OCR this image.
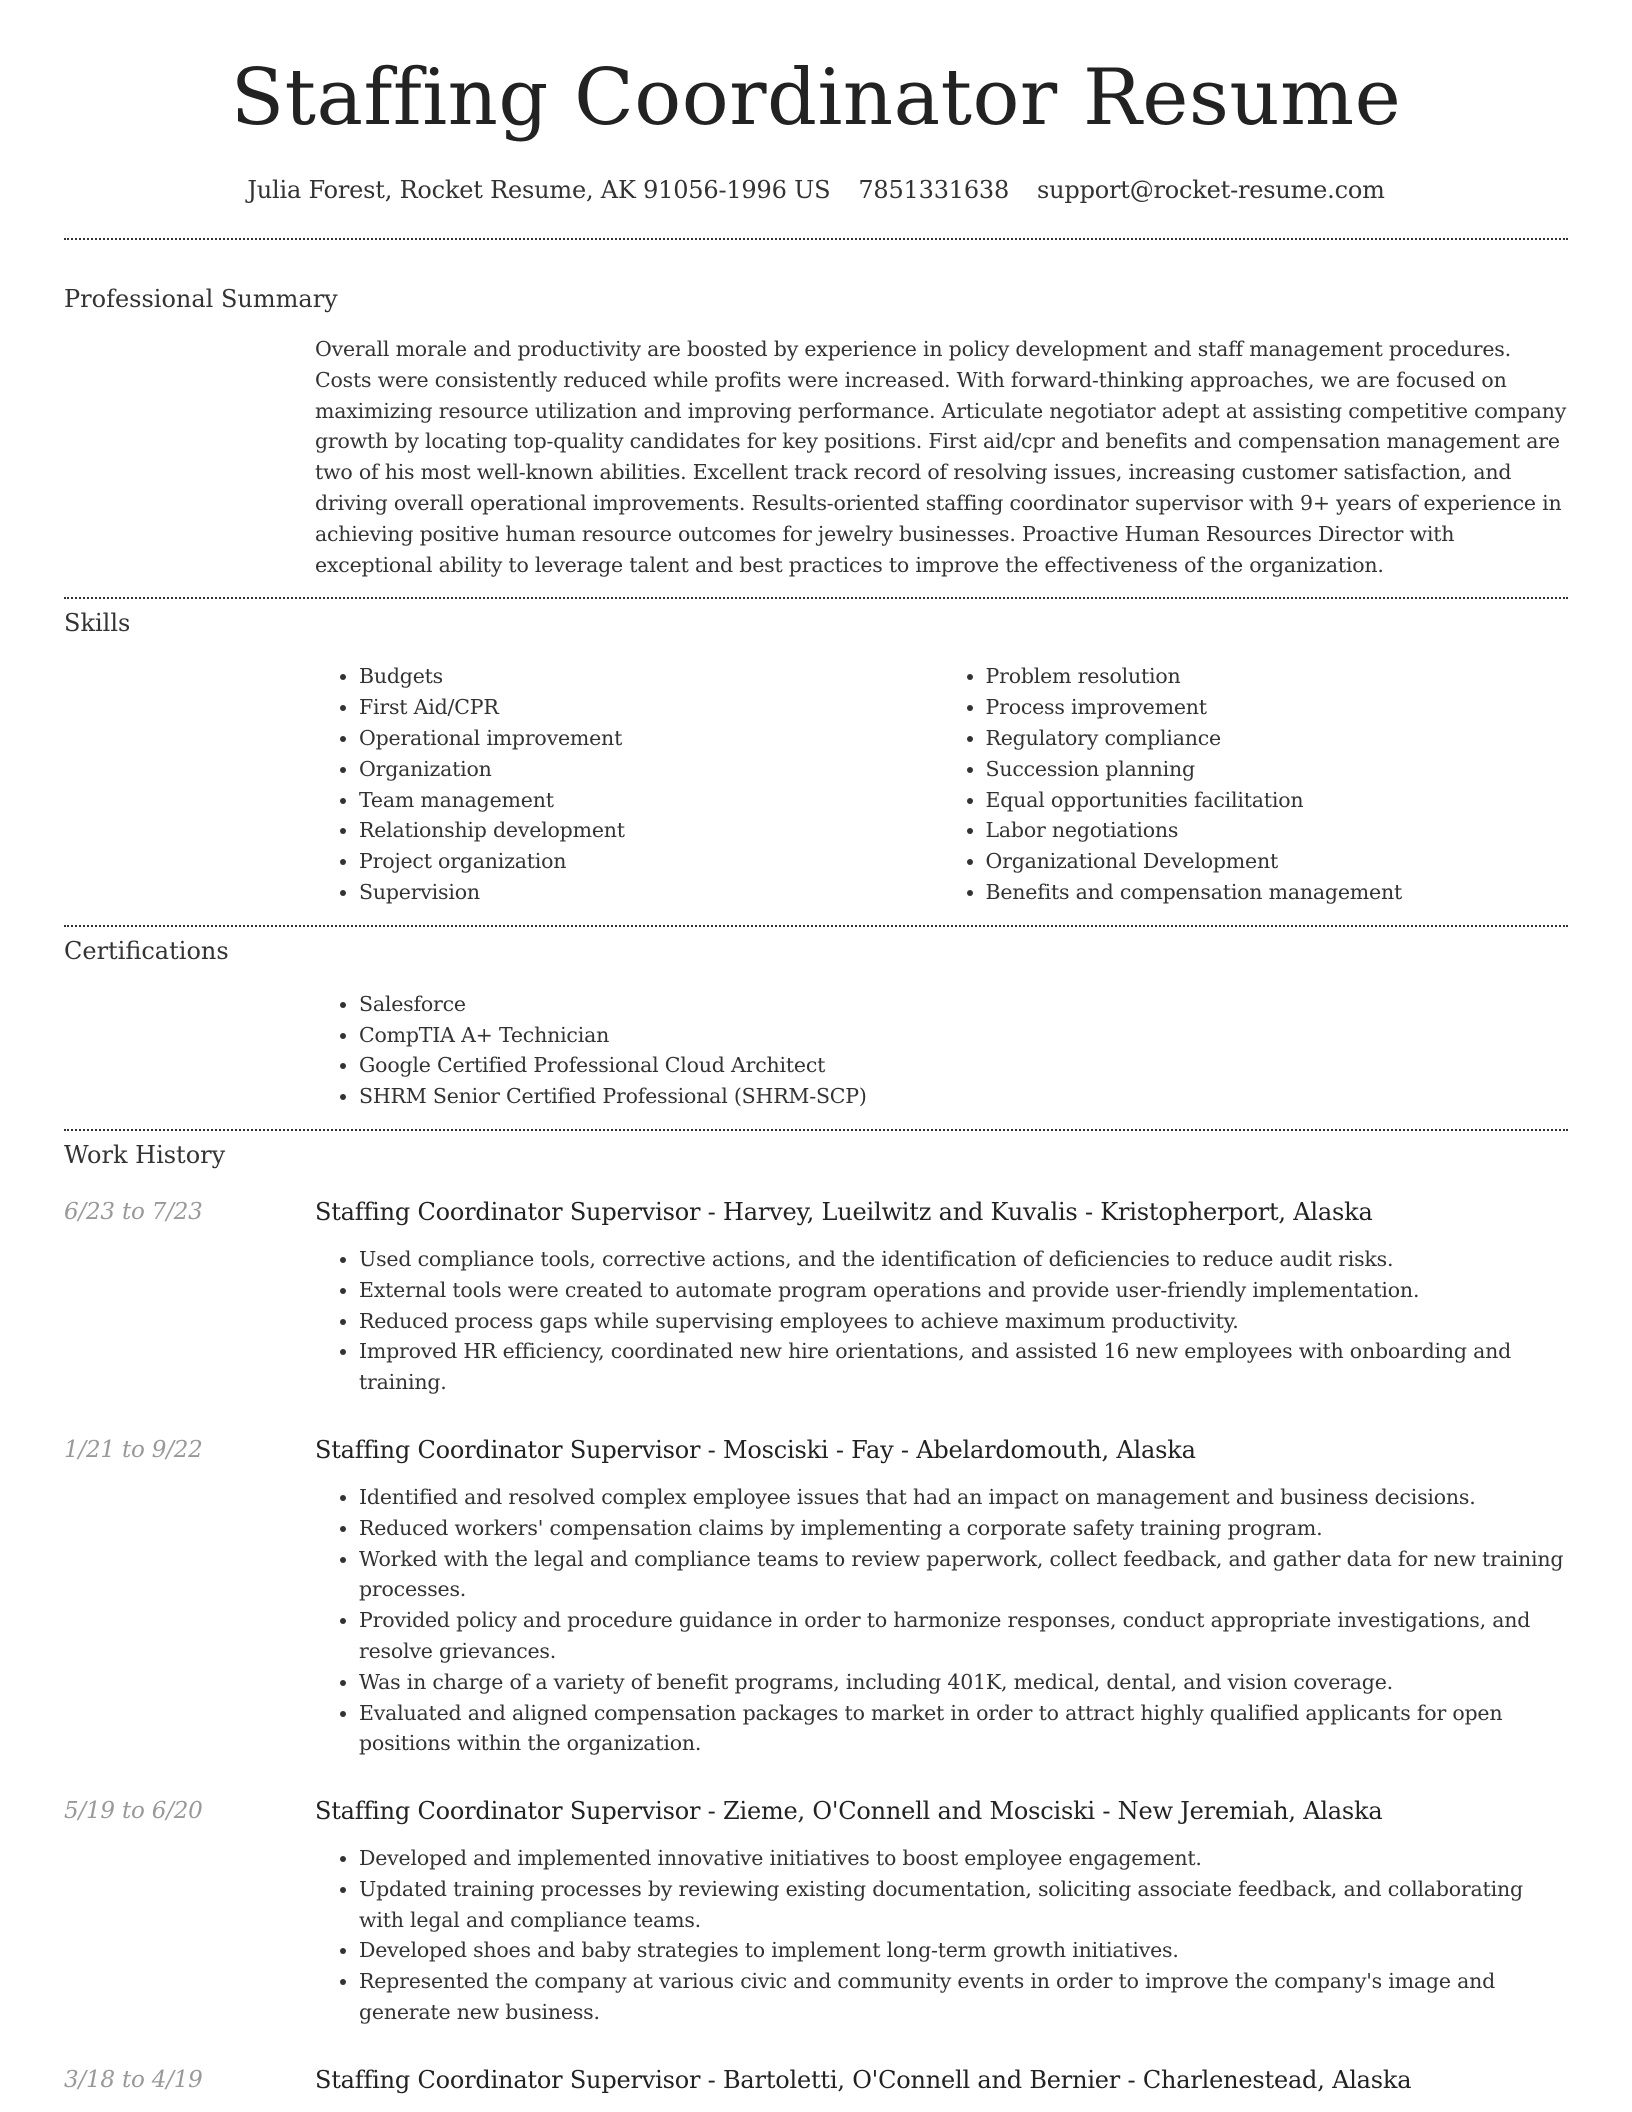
Staffing Coordinator Resume
Julia Forest, Rocket Resume, AK 91056-1996 US 7851331638 support@rocket-resume.com
Professional Summary

Overall morale and productivity are boosted by experience in policy development and staff management procedures. Costs were consistently reduced while profits were increased. With forward-thinking approaches, we are focused on maximizing resource utilization and improving performance. Articulate negotiator adept at assisting competitive company growth by locating top-quality candidates for key positions. First aid/cpr and benefits and compensation management are two of his most well-known abilities. Excellent track record of resolving issues, increasing customer satisfaction, and driving overall operational improvements. Results-oriented staffing coordinator supervisor with 9+ years of experience in achieving positive human resource outcomes for jewelry businesses. Proactive Human Resources Director with exceptional ability to leverage talent and best practices to improve the effectiveness of the organization.

Skills
• Budgets
• First Aid/CPR
• Operational improvement
• Organization
• Team management
• Relationship development
• Project organization
• Supervision
• Problem resolution
• Process improvement
• Regulatory compliance
• Succession planning
• Equal opportunities facilitation
• Labor negotiations
• Organizational Development
• Benefits and compensation management
Certifications
• Salesforce
• CompTIA A+ Technician
• Google Certified Professional Cloud Architect
• SHRM Senior Certified Professional (SHRM-SCP)
Work History
6/23 to 7/23	Staffing Coordinator Supervisor - Harvey, Lueilwitz and Kuvalis - Kristopherport, Alaska
• Used compliance tools, corrective actions, and the identification of deficiencies to reduce audit risks.
• External tools were created to automate program operations and provide user-friendly implementation.
• Reduced process gaps while supervising employees to achieve maximum productivity.
• Improved HR efficiency, coordinated new hire orientations, and assisted 16 new employees with onboarding and training.
1/21 to 9/22	Staffing Coordinator Supervisor - Mosciski - Fay - Abelardomouth, Alaska
• Identified and resolved complex employee issues that had an impact on management and business decisions.
• Reduced workers' compensation claims by implementing a corporate safety training program.
• Worked with the legal and compliance teams to review paperwork, collect feedback, and gather data for new training processes.
• Provided policy and procedure guidance in order to harmonize responses, conduct appropriate investigations, and resolve grievances.
• Was in charge of a variety of benefit programs, including 401K, medical, dental, and vision coverage.
• Evaluated and aligned compensation packages to market in order to attract highly qualified applicants for open positions within the organization.
5/19 to 6/20	Staffing Coordinator Supervisor - Zieme, O'Connell and Mosciski - New Jeremiah, Alaska
• Developed and implemented innovative initiatives to boost employee engagement.
• Updated training processes by reviewing existing documentation, soliciting associate feedback, and collaborating with legal and compliance teams.
• Developed shoes and baby strategies to implement long-term growth initiatives.
• Represented the company at various civic and community events in order to improve the company's image and generate new business.
3/18 to 4/19	Staffing Coordinator Supervisor - Bartoletti, O'Connell and Bernier - Charlenestead, Alaska
